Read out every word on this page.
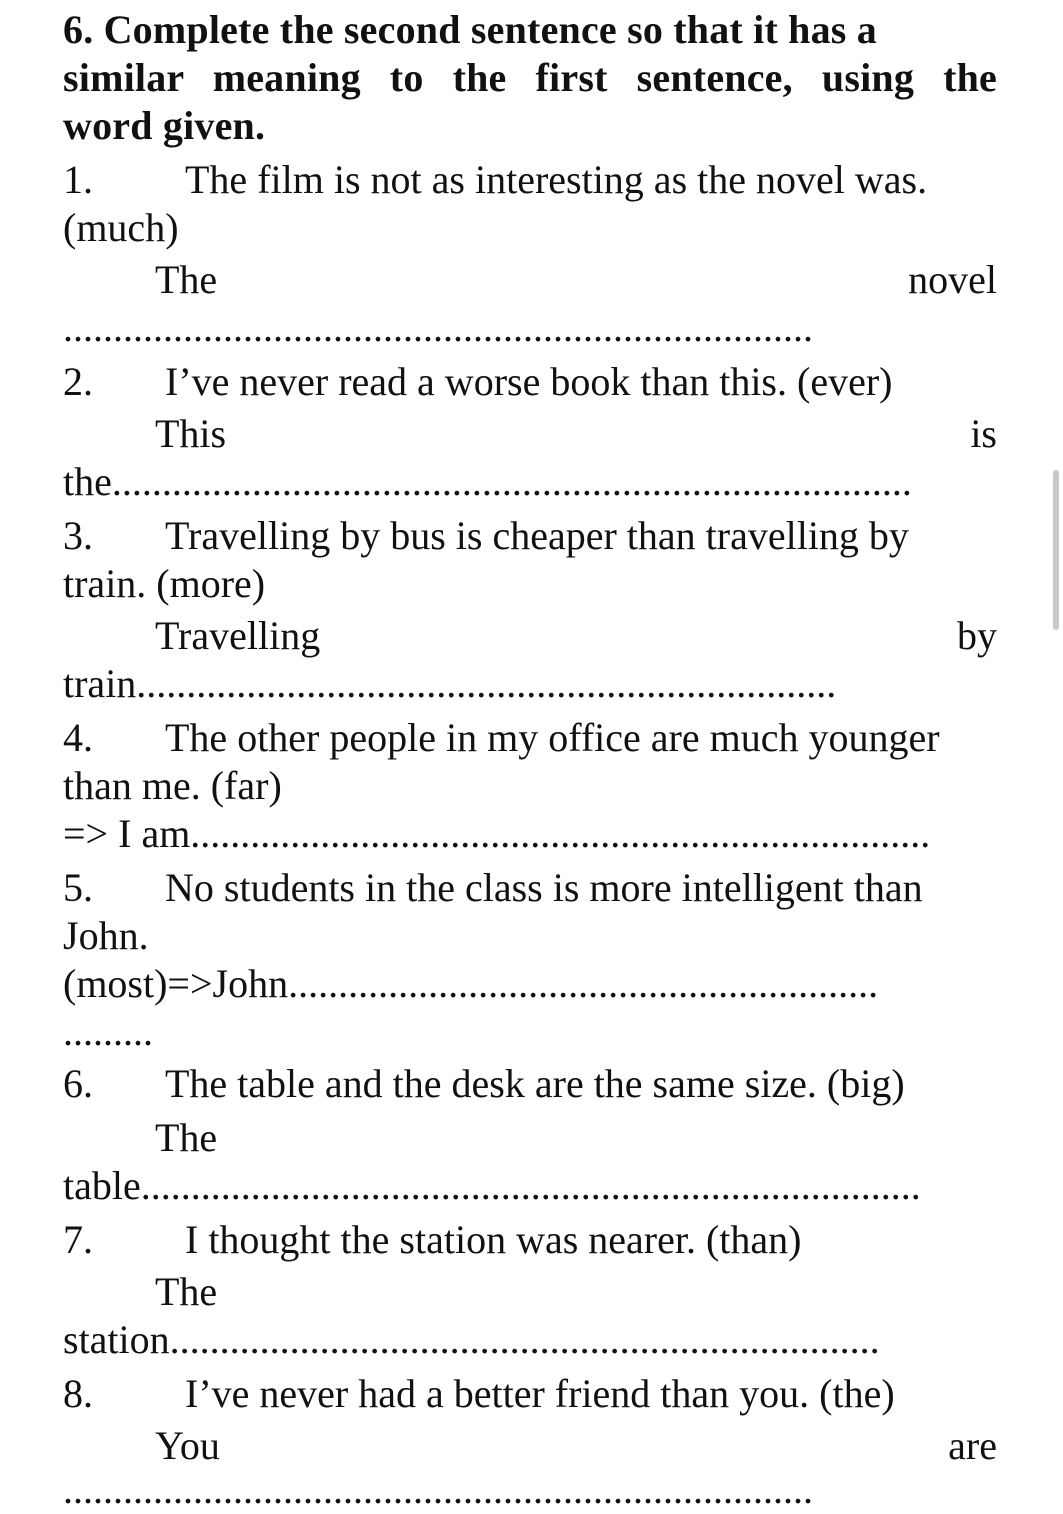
6. Complete the second sentence so that it has a
similar meaning to the first sentence, using the
word given.
1. The film is not as interesting as the novel was.
(much)
The	novel
...........................................................................
2. I’ve never read a worse book than this. (ever)
This	is
the................................................................................
3. Travelling by bus is cheaper than travelling by
train. (more)
Travelling	by
train......................................................................
4. The other people in my office are much younger
than me. (far)
=> I am..........................................................................
5. No students in the class is more intelligent than
John.
(most)=>John...........................................................
.........
6. The table and the desk are the same size. (big)
The
table..............................................................................
7. I thought the station was nearer. (than)
The
station.......................................................................
8. I’ve never had a better friend than you. (the)
You	are
...........................................................................
